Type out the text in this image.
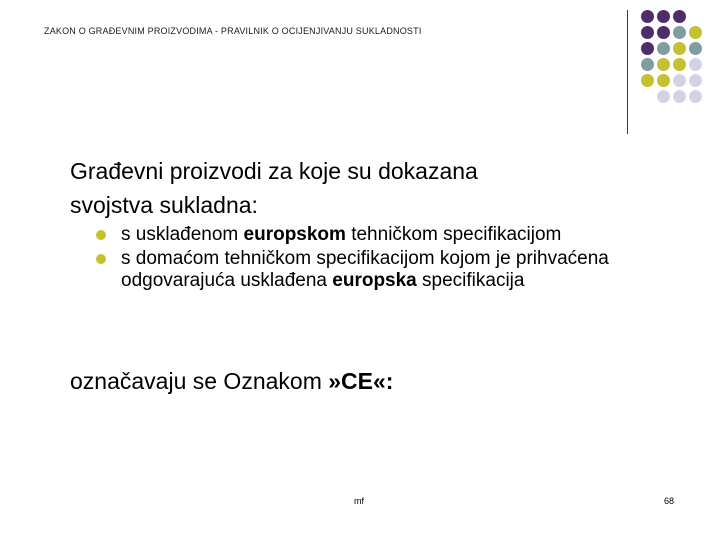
ZAKON O GRAĐEVNIM PROIZVODIMA - PRAVILNIK O OCIJENJIVANJU SUKLADNOSTI
Građevni proizvodi za koje su dokazana
svojstva sukladna:
s usklađenom europskom tehničkom specifikacijom
s domaćom tehničkom specifikacijom kojom je prihvaćena odgovarajuća usklađena europska specifikacija
označavaju se Oznakom »CE«:
mf	68
